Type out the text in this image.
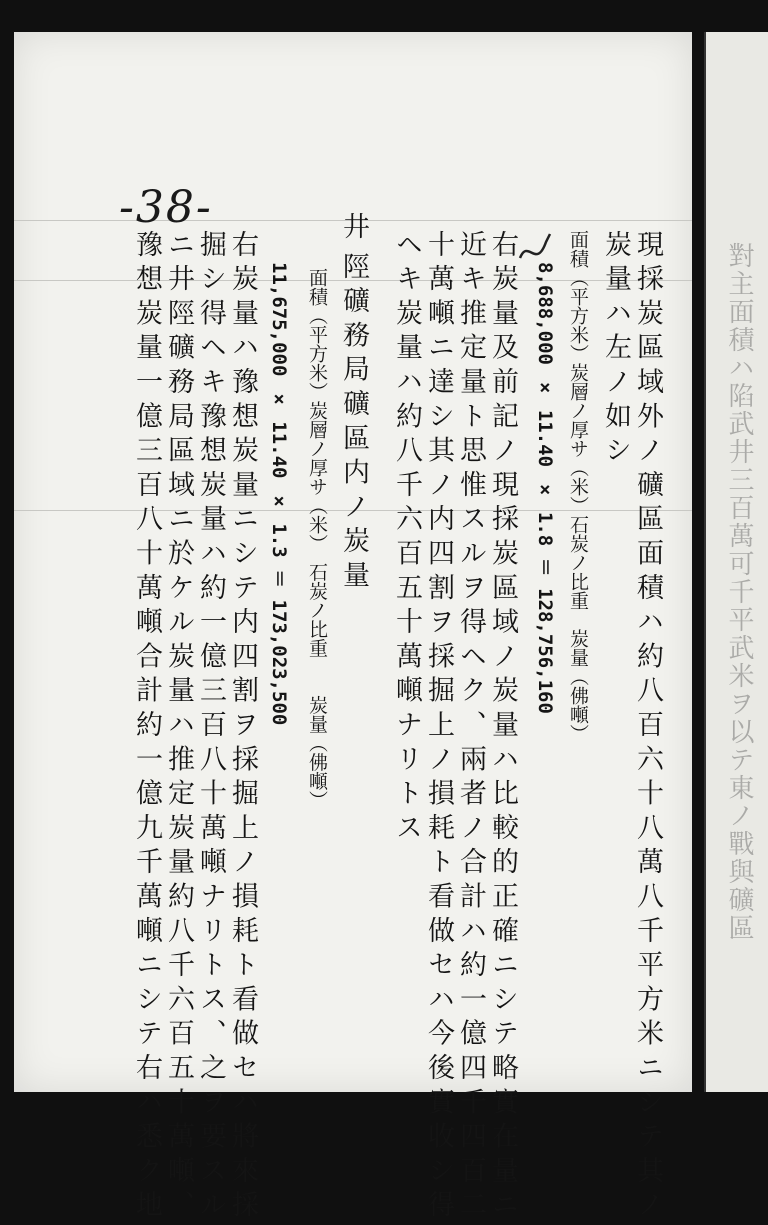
-38-
現採炭區域外ノ礦區面積ハ約八百六十八萬八千平方米ニシテ其ノ
炭量ハ左ノ如シ
面積（平方米）炭層ノ厚サ（米）石炭ノ比重　炭量（佛噸）
8,688,000 × 11.40 × 1.8 ＝ 128,756,160
右炭量及前記ノ現採炭區域ノ炭量ハ比較的正確ニシテ略實在量ニ
近キ推定量ト思惟スルヲ得ヘク、兩者ノ合計ハ約一億四千四百二
十萬噸ニ達シ其ノ内四割ヲ採掘上ノ損耗ト看做セハ今後實收シ得
ヘキ炭量ハ約八千六百五十萬噸ナリトス
井
陘礦務局礦區内ノ炭量
面積（平方米）炭層ノ厚サ（米）　石炭ノ比重　　炭量（佛噸）
11,675,000 × 11.40 × 1.3 ＝ 173,023,500
右炭量ハ豫想炭量ニシテ内四割ヲ採掘上ノ損耗ト看做セハ將來採
掘シ得ヘキ豫想炭量ハ約一億三百八十萬噸ナリトス、之ヲ要スル
ニ井陘礦務局區域ニ於ケル炭量ハ推定炭量約八千六百五十萬噸、
豫想炭量一億三百八十萬噸合計約一億九千萬噸ニシテ右ハ悉ク地	對主面積ハ陷武井三百萬可千平武米ヲ以テ東ノ戰與礦區
